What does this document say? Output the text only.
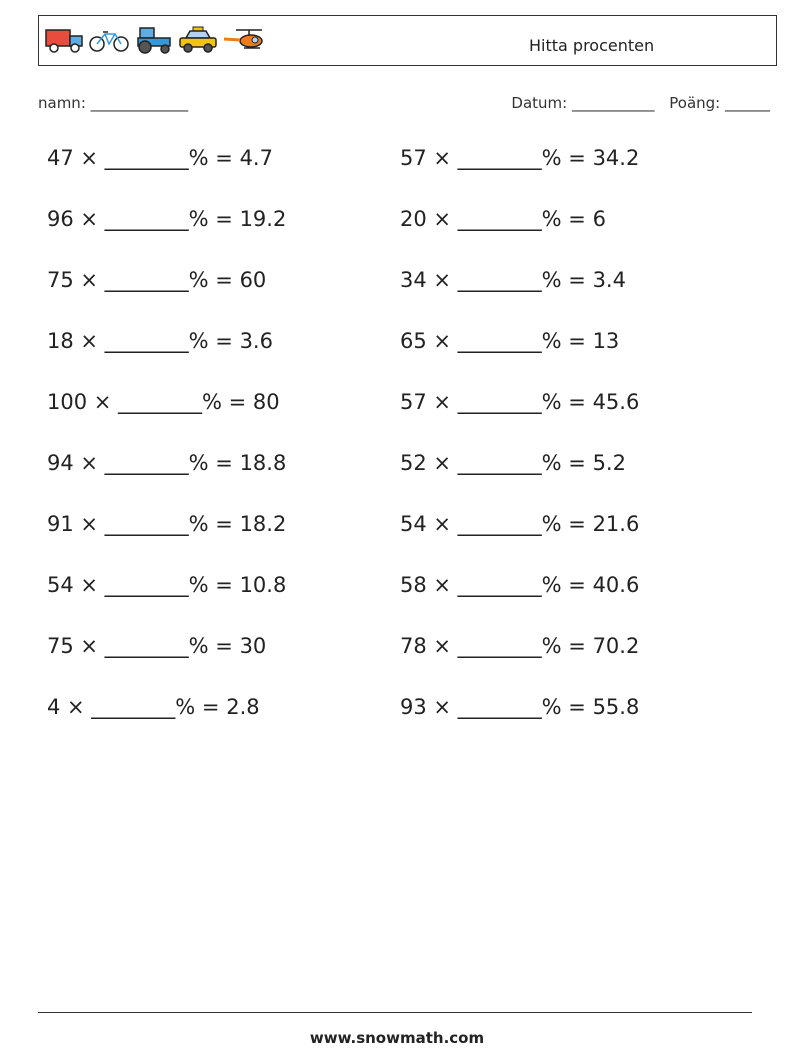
Hitta procenten
namn: _____________	Datum: ___________ Poäng: ______
47 × ________% = 4.7	57 × ________% = 34.2
96 × ________% = 19.2	20 × ________% = 6
75 × ________% = 60	34 × ________% = 3.4
18 × ________% = 3.6	65 × ________% = 13
100 × ________% = 80	57 × ________% = 45.6
94 × ________% = 18.8	52 × ________% = 5.2
91 × ________% = 18.2	54 × ________% = 21.6
54 × ________% = 10.8	58 × ________% = 40.6
75 × ________% = 30	78 × ________% = 70.2
4 × ________% = 2.8	93 × ________% = 55.8
www.snowmath.com
